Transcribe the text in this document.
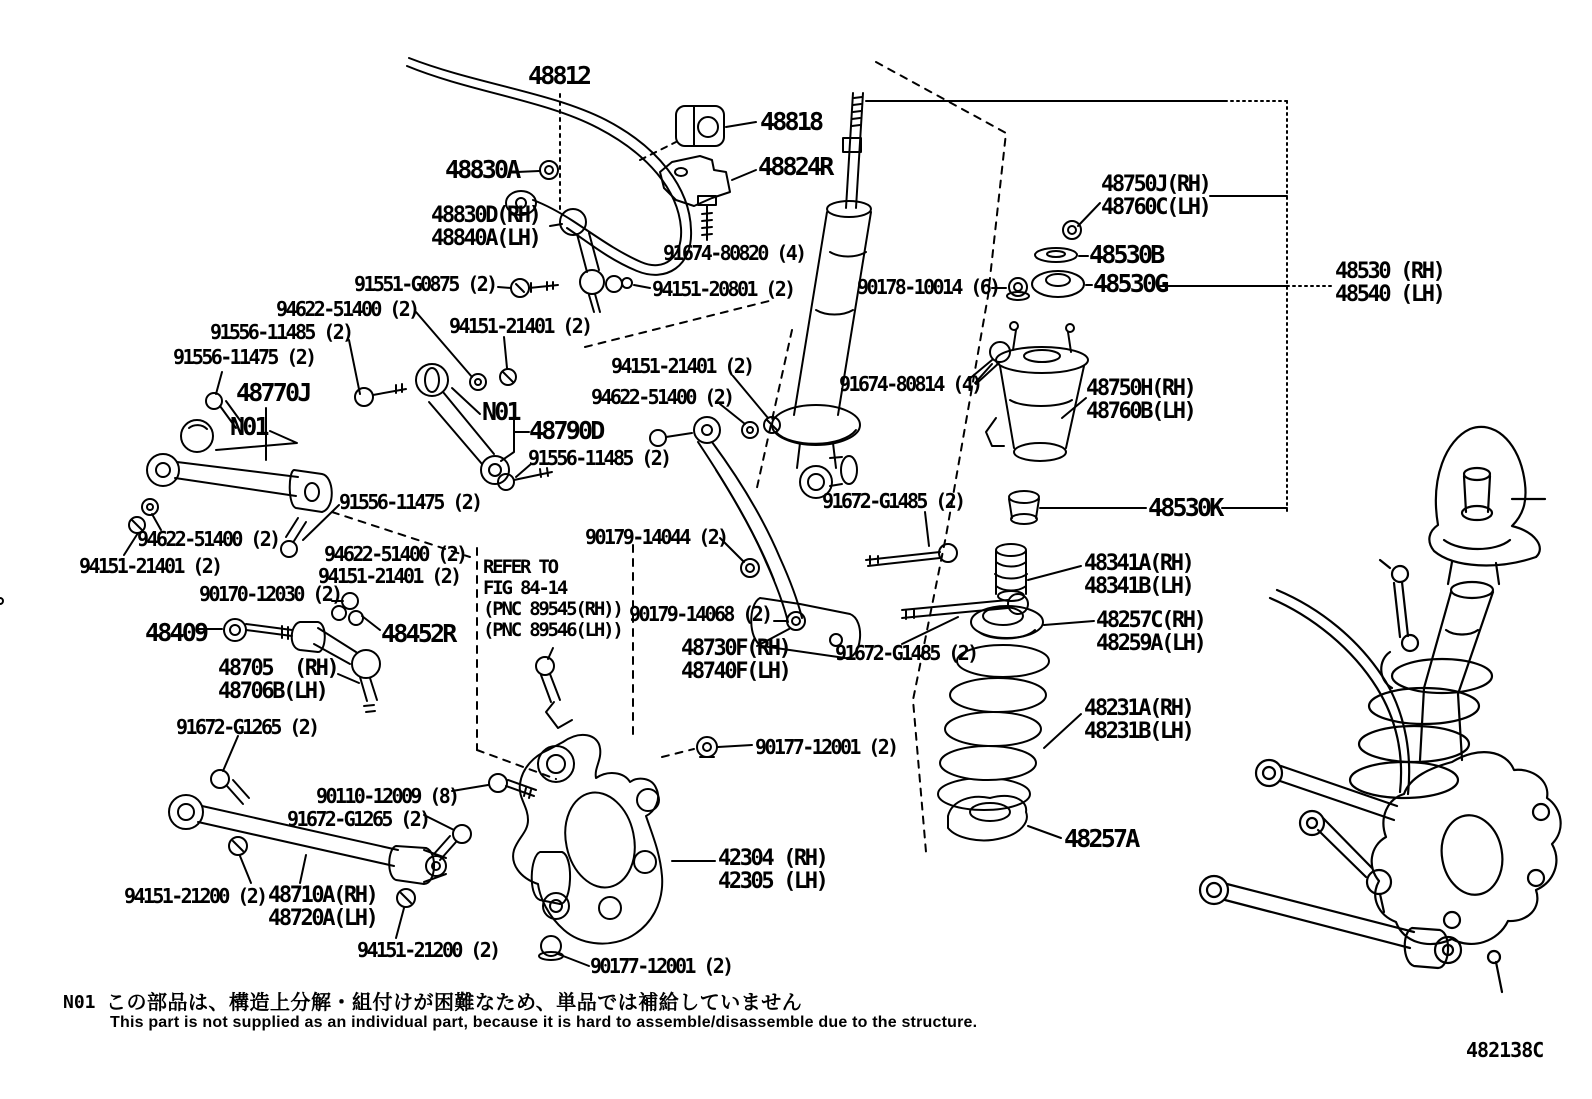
48812
48818
48830A	48824R
48830D(RH)
48840A(LH)
91674-80820 (4)
91551-G0875 (2)	94151-20801 (2)
94622-51400 (2)
91556-11485 (2)	94151-21401 (2)
91556-11475 (2)	94151-21401 (2)
94622-51400 (2)
48770J
N01
N01
48790D
91556-11485 (2)
91556-11475 (2)
94622-51400 (2)
94151-21401 (2)	94622-51400 (2)
94151-21401 (2)
90170-12030 (2)
48409	48452R
48705  (RH)
48706B(LH)
91672-G1265 (2)
REFER TO
FIG 84-14
(PNC 89545(RH))
(PNC 89546(LH))
90179-14044 (2)
90179-14068 (2)
48730F(RH)
48740F(LH)
91672-G1485 (2)
91672-G1485 (2)
90178-10014 (6)
91674-80814 (4)
48750J(RH)
48760C(LH)
48530B
48530G	48530 (RH)
48540 (LH)
48750H(RH)
48760B(LH)
48530K
48341A(RH)
48341B(LH)
48257C(RH)
48259A(LH)
48231A(RH)
48231B(LH)
48257A
42304 (RH)
42305 (LH)
90177-12001 (2)
90110-12009 (8)
91672-G1265 (2)
94151-21200 (2) 48710A(RH)
48720A(LH)
94151-21200 (2)
90177-12001 (2)
N01 この部品は、構造上分解・組付けが困難なため、単品では補給していません
This part is not supplied as an individual part, because it is hard to assemble/disassemble due to the structure.
482138C
